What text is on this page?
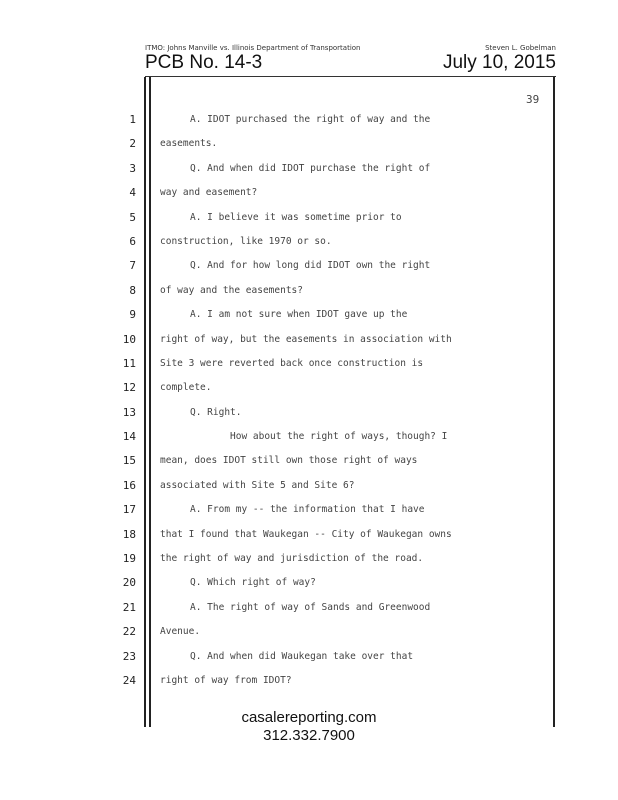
ITMO: Johns Manville vs. Illinois Department of Transportation	Steven L. Gobelman
PCB No. 14-3	July 10, 2015
39
1	A. IDOT purchased the right of way and the
2	easements.
3	Q. And when did IDOT purchase the right of
4	way and easement?
5	A. I believe it was sometime prior to
6	construction, like 1970 or so.
7	Q. And for how long did IDOT own the right
8	of way and the easements?
9	A. I am not sure when IDOT gave up the
10	right of way, but the easements in association with
11	Site 3 were reverted back once construction is
12	complete.
13	Q. Right.
14	How about the right of ways, though? I
15	mean, does IDOT still own those right of ways
16	associated with Site 5 and Site 6?
17	A. From my -- the information that I have
18	that I found that Waukegan -- City of Waukegan owns
19	the right of way and jurisdiction of the road.
20	Q. Which right of way?
21	A. The right of way of Sands and Greenwood
22	Avenue.
23	Q. And when did Waukegan take over that
24	right of way from IDOT?
casalereporting.com
312.332.7900
